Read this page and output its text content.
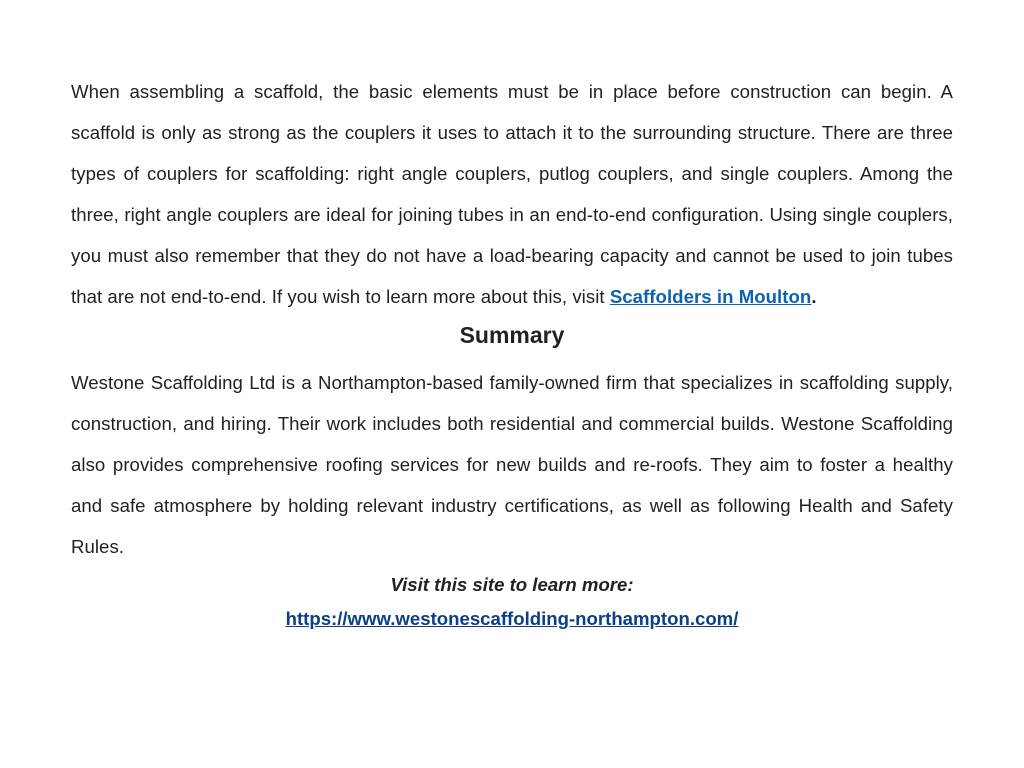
When assembling a scaffold, the basic elements must be in place before construction can begin. A scaffold is only as strong as the couplers it uses to attach it to the surrounding structure. There are three types of couplers for scaffolding: right angle couplers, putlog couplers, and single couplers. Among the three, right angle couplers are ideal for joining tubes in an end-to-end configuration. Using single couplers, you must also remember that they do not have a load-bearing capacity and cannot be used to join tubes that are not end-to-end. If you wish to learn more about this, visit Scaffolders in Moulton.

Summary

Westone Scaffolding Ltd is a Northampton-based family-owned firm that specializes in scaffolding supply, construction, and hiring. Their work includes both residential and commercial builds. Westone Scaffolding also provides comprehensive roofing services for new builds and re-roofs. They aim to foster a healthy and safe atmosphere by holding relevant industry certifications, as well as following Health and Safety Rules.

Visit this site to learn more:

https://www.westonescaffolding-northampton.com/
